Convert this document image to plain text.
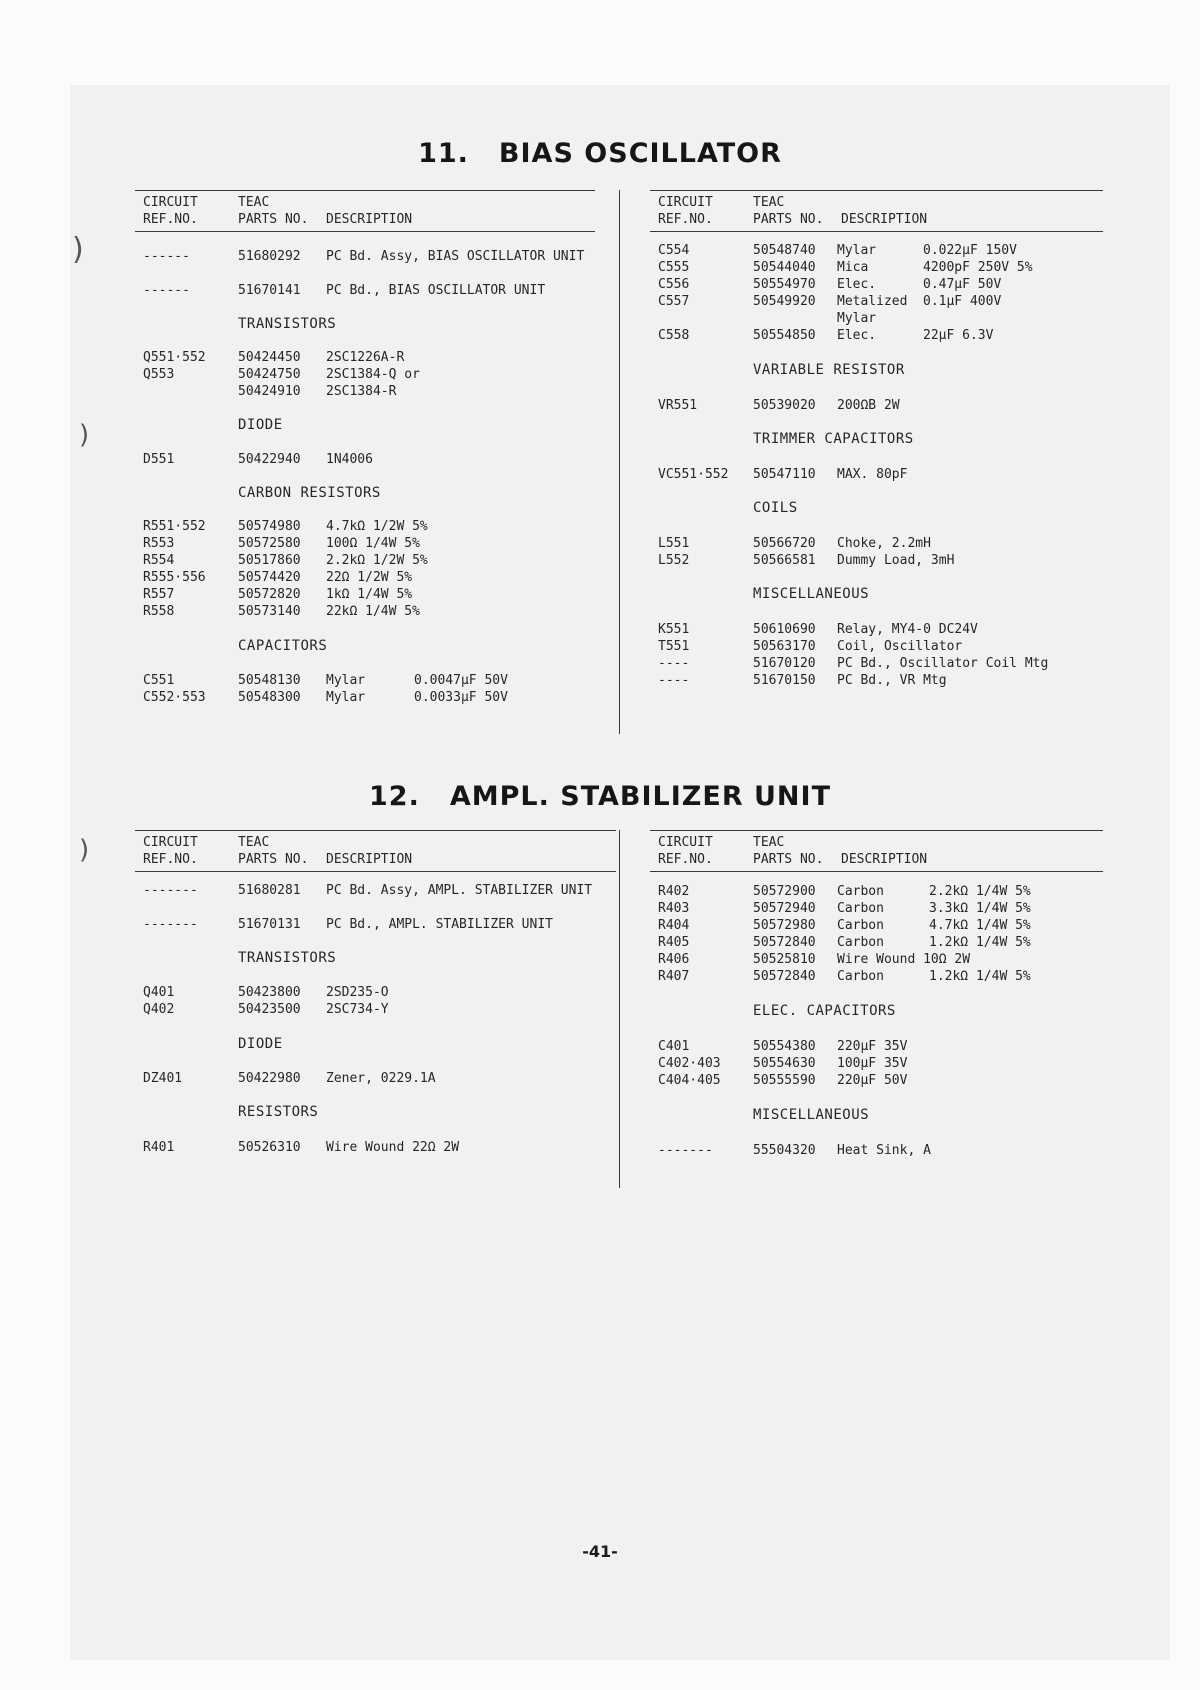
)
)
)
11. BIAS OSCILLATOR
CIRCUIT
REF.NO.
TEAC
PARTS NO. DESCRIPTION
------	51680292 PC Bd. Assy, BIAS OSCILLATOR UNIT
------	51670141 PC Bd., BIAS OSCILLATOR UNIT
TRANSISTORS
Q551·552 50424450 2SC1226A-R
Q553	50424750 2SC1384-Q or
50424910 2SC1384-R
DIODE
D551	50422940 1N4006
CARBON RESISTORS
R551·552 50574980 4.7kΩ 1/2W 5%
R553	50572580 100Ω 1/4W 5%
R554	50517860 2.2kΩ 1/2W 5%
R555·556 50574420 22Ω 1/2W 5%
R557	50572820 1kΩ 1/4W 5%
R558	50573140 22kΩ 1/4W 5%
CAPACITORS
C551	50548130 Mylar	0.0047μF 50V
C552·553 50548300 Mylar	0.0033μF 50V
CIRCUIT
REF.NO.
TEAC
PARTS NO. DESCRIPTION
C554	50548740 Mylar	0.022μF 150V
C555	50544040 Mica	4200pF 250V 5%
C556	50554970 Elec.	0.47μF 50V
C557	50549920 Metalized 0.1μF 400V
Mylar
C558	50554850 Elec.	22μF 6.3V
VARIABLE RESISTOR
VR551	50539020 200ΩB 2W
TRIMMER CAPACITORS
VC551·552 50547110 MAX. 80pF
COILS
L551	50566720 Choke, 2.2mH
L552	50566581 Dummy Load, 3mH
MISCELLANEOUS
K551	50610690 Relay, MY4-0 DC24V
T551	50563170 Coil, Oscillator
----	51670120 PC Bd., Oscillator Coil Mtg
----	51670150 PC Bd., VR Mtg
12. AMPL. STABILIZER UNIT
CIRCUIT
REF.NO.
TEAC
PARTS NO. DESCRIPTION
-------	51680281 PC Bd. Assy, AMPL. STABILIZER UNIT
-------	51670131 PC Bd., AMPL. STABILIZER UNIT
TRANSISTORS
Q401	50423800 2SD235-O
Q402	50423500 2SC734-Y
DIODE
DZ401	50422980 Zener, 0229.1A
RESISTORS
R401	50526310 Wire Wound 22Ω 2W
CIRCUIT
REF.NO.
TEAC
PARTS NO. DESCRIPTION
R402	50572900 Carbon	2.2kΩ 1/4W 5%
R403	50572940 Carbon	3.3kΩ 1/4W 5%
R404	50572980 Carbon	4.7kΩ 1/4W 5%
R405	50572840 Carbon	1.2kΩ 1/4W 5%
R406	50525810 Wire Wound 10Ω 2W
R407	50572840 Carbon	1.2kΩ 1/4W 5%
ELEC. CAPACITORS
C401	50554380 220μF 35V
C402·403 50554630 100μF 35V
C404·405 50555590 220μF 50V
MISCELLANEOUS
-------	55504320 Heat Sink, A
-41-
